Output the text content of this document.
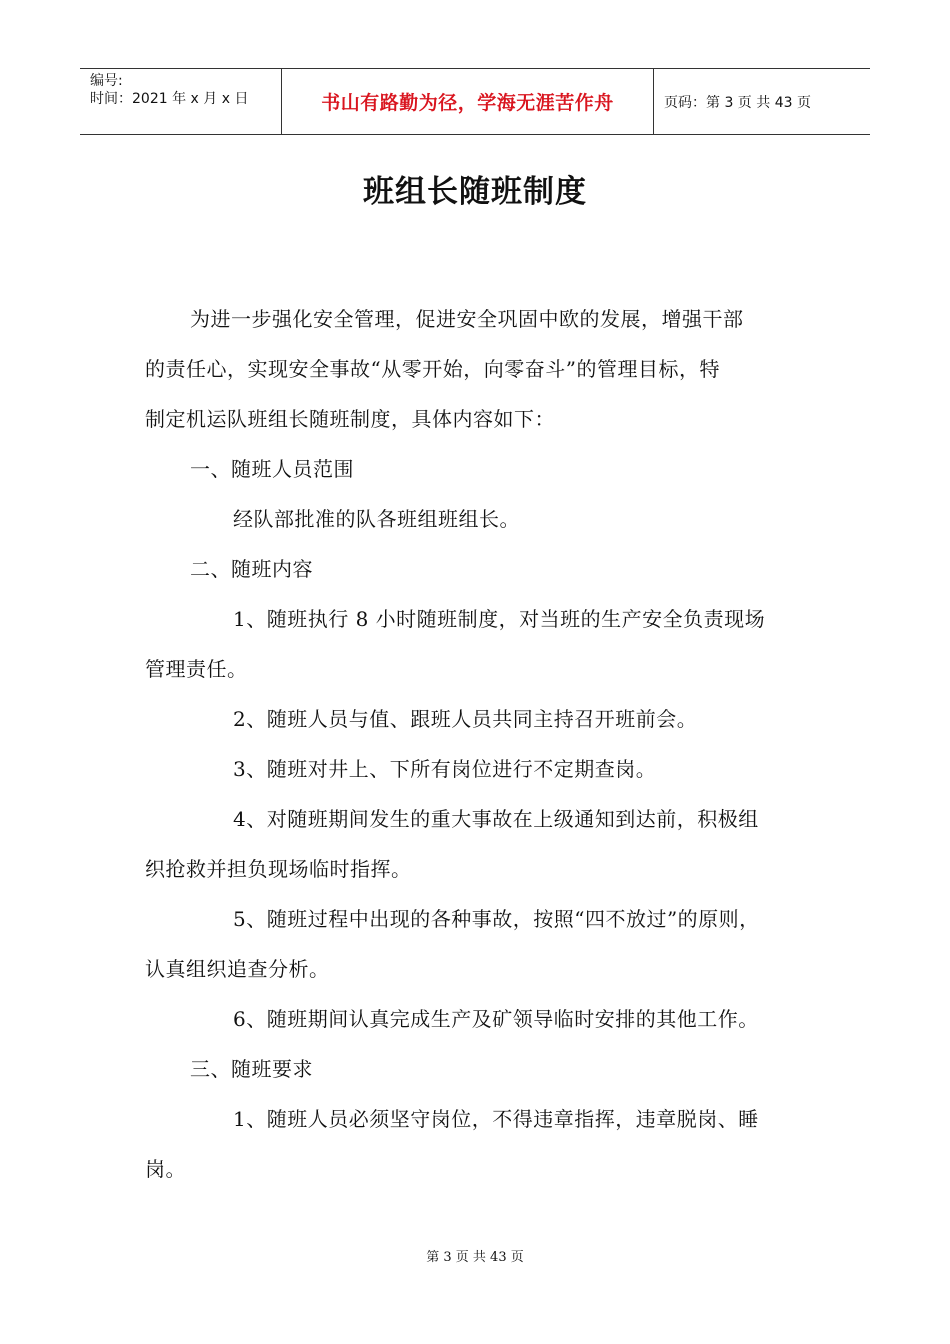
编号:
时间：2021 年 x 月 x 日	书山有路勤为径，学海无涯苦作舟	页码：第 3 页 共 43 页
班组长随班制度
为进一步强化安全管理，促进安全巩固中欧的发展，增强干部
的责任心，实现安全事故“从零开始，向零奋斗”的管理目标，特
制定机运队班组长随班制度，具体内容如下：
一、随班人员范围
经队部批准的队各班组班组长。
二、随班内容
1、随班执行 8 小时随班制度，对当班的生产安全负责现场
管理责任。
2、随班人员与值、跟班人员共同主持召开班前会。
3、随班对井上、下所有岗位进行不定期查岗。
4、对随班期间发生的重大事故在上级通知到达前，积极组
织抢救并担负现场临时指挥。
5、随班过程中出现的各种事故，按照“四不放过”的原则，
认真组织追查分析。
6、随班期间认真完成生产及矿领导临时安排的其他工作。
三、随班要求
1、随班人员必须坚守岗位，不得违章指挥，违章脱岗、睡
岗。
第 3 页 共 43 页
